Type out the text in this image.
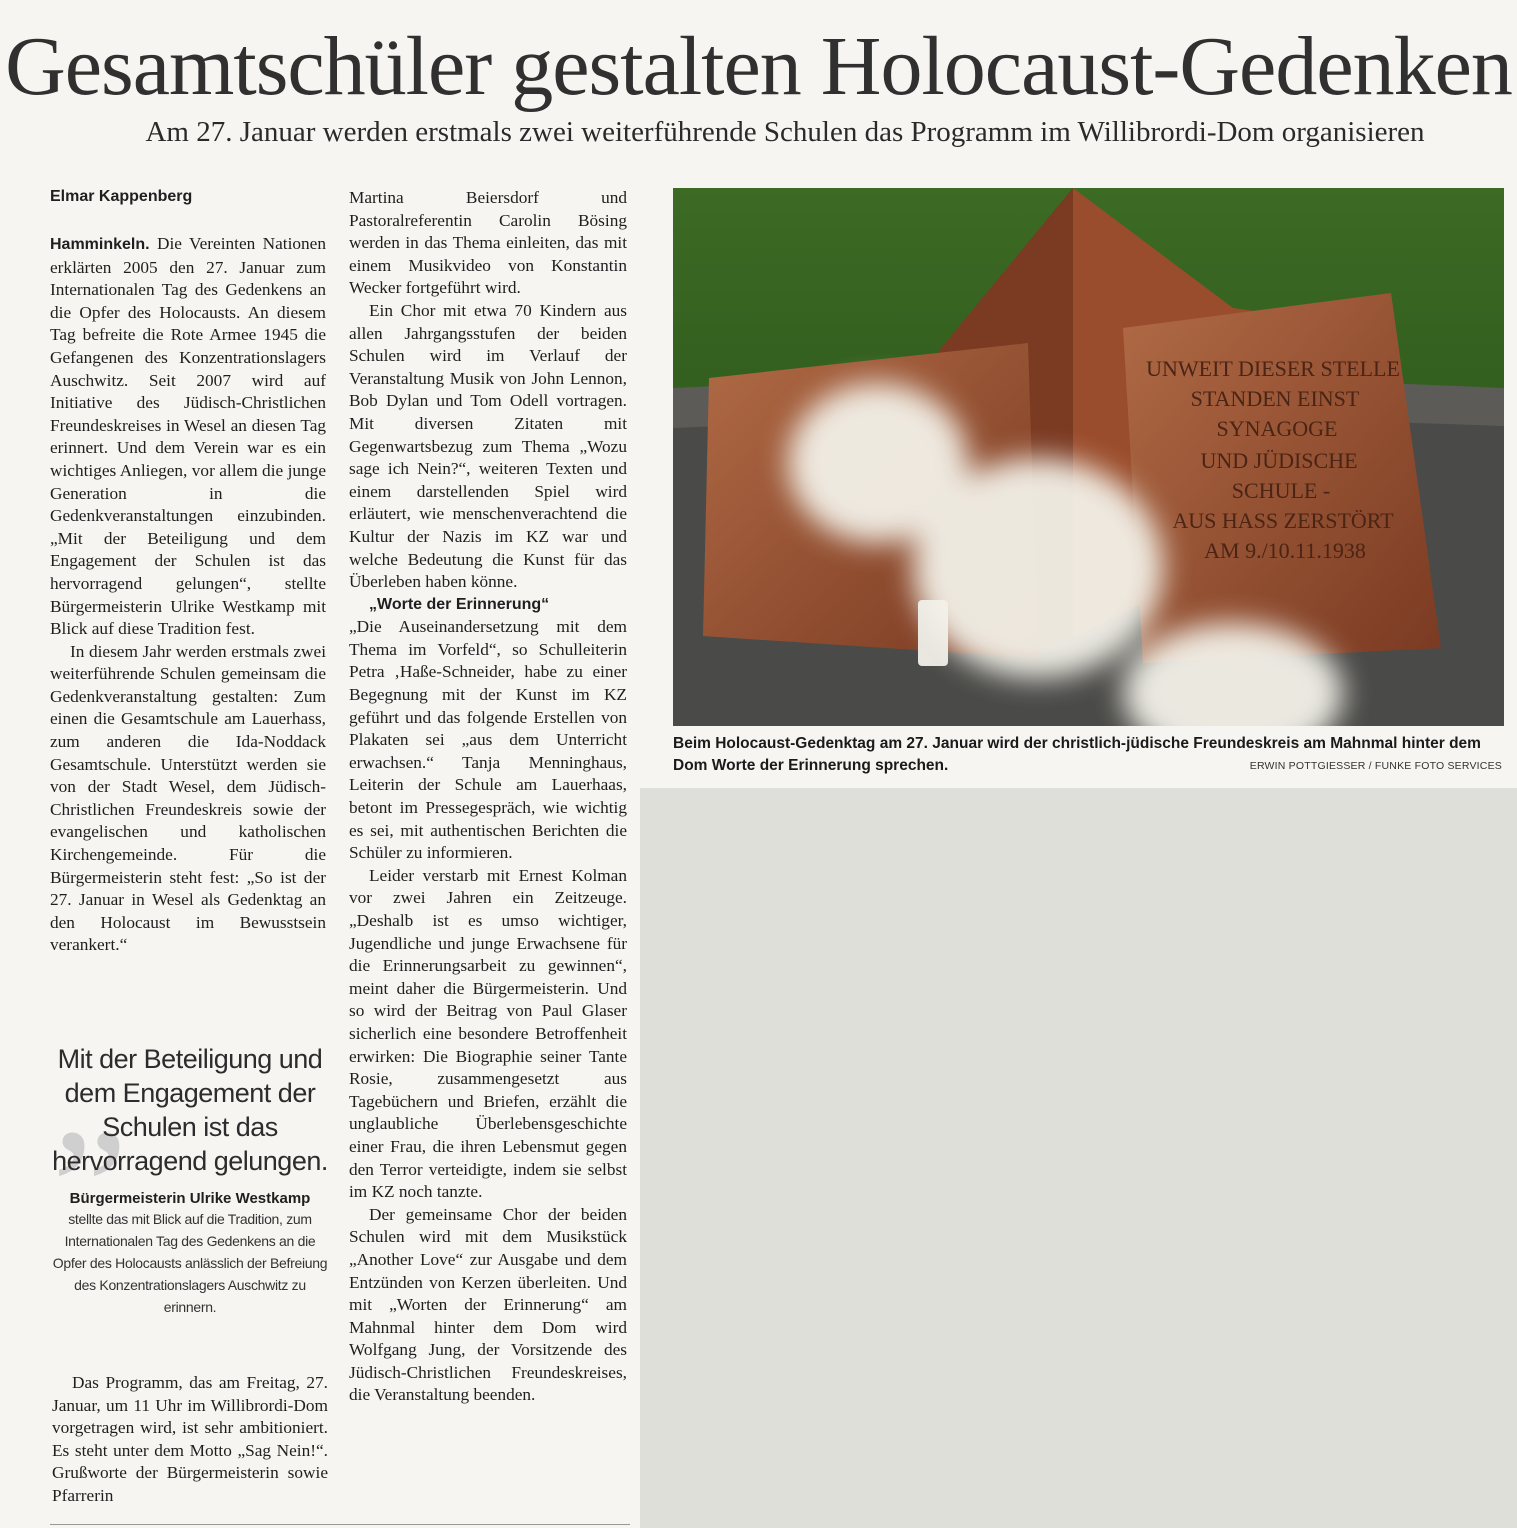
Gesamtschüler gestalten Holocaust-Gedenken
Am 27. Januar werden erstmals zwei weiterführende Schulen das Programm im Willibrordi-Dom organisieren
Elmar Kappenberg

Hamminkeln. Die Vereinten Nationen erklärten 2005 den 27. Januar zum Internationalen Tag des Gedenkens an die Opfer des Holocausts. An diesem Tag befreite die Rote Armee 1945 die Gefangenen des Konzentrationslagers Auschwitz. Seit 2007 wird auf Initiative des Jüdisch-Christlichen Freundeskreises in Wesel an diesen Tag erinnert. Und dem Verein war es ein wichtiges Anliegen, vor allem die junge Generation in die Gedenkveranstaltungen einzubinden. „Mit der Beteiligung und dem Engagement der Schulen ist das hervorragend gelungen“, stellte Bürgermeisterin Ulrike Westkamp mit Blick auf diese Tradition fest.

In diesem Jahr werden erstmals zwei weiterführende Schulen gemeinsam die Gedenkveranstaltung gestalten: Zum einen die Gesamtschule am Lauerhass, zum anderen die Ida-Noddack Gesamtschule. Unterstützt werden sie von der Stadt Wesel, dem Jüdisch-Christlichen Freundeskreis sowie der evangelischen und katholischen Kirchengemeinde. Für die Bürgermeisterin steht fest: „So ist der 27. Januar in Wesel als Gedenktag an den Holocaust im Bewusstsein verankert.“

„
Mit der Beteiligung und dem Engagement der Schulen ist das hervorragend gelungen.
Bürgermeisterin Ulrike Westkamp
stellte das mit Blick auf die Tradition, zum Internationalen Tag des Gedenkens an die Opfer des Holocausts anlässlich der Befreiung des Konzentrationslagers Auschwitz zu erinnern.

Das Programm, das am Freitag, 27. Januar, um 11 Uhr im Willibrordi-Dom vorgetragen wird, ist sehr ambitioniert. Es steht unter dem Motto „Sag Nein!“. Grußworte der Bürgermeisterin sowie Pfarrerin

Martina Beiersdorf und Pastoralreferentin Carolin Bösing werden in das Thema einleiten, das mit einem Musikvideo von Konstantin Wecker fortgeführt wird.

Ein Chor mit etwa 70 Kindern aus allen Jahrgangsstufen der beiden Schulen wird im Verlauf der Veranstaltung Musik von John Lennon, Bob Dylan und Tom Odell vortragen. Mit diversen Zitaten mit Gegenwartsbezug zum Thema „Wozu sage ich Nein?“, weiteren Texten und einem darstellenden Spiel wird erläutert, wie menschenverachtend die Kultur der Nazis im KZ war und welche Bedeutung die Kunst für das Überleben haben könne.

„Worte der Erinnerung“

„Die Auseinandersetzung mit dem Thema im Vorfeld“, so Schulleiterin Petra ‚Haße-Schneider, habe zu einer Begegnung mit der Kunst im KZ geführt und das folgende Erstellen von Plakaten sei „aus dem Unterricht erwachsen.“ Tanja Menninghaus, Leiterin der Schule am Lauerhaas, betont im Pressegespräch, wie wichtig es sei, mit authentischen Berichten die Schüler zu informieren.

Leider verstarb mit Ernest Kolman vor zwei Jahren ein Zeitzeuge. „Deshalb ist es umso wichtiger, Jugendliche und junge Erwachsene für die Erinnerungsarbeit zu gewinnen“, meint daher die Bürgermeisterin. Und so wird der Beitrag von Paul Glaser sicherlich eine besondere Betroffenheit erwirken: Die Biographie seiner Tante Rosie, zusammengesetzt aus Tagebüchern und Briefen, erzählt die unglaubliche Überlebensgeschichte einer Frau, die ihren Lebensmut gegen den Terror verteidigte, indem sie selbst im KZ noch tanzte.

Der gemeinsame Chor der beiden Schulen wird mit dem Musikstück „Another Love“ zur Ausgabe und dem Entzünden von Kerzen überleiten. Und mit „Worten der Erinnerung“ am Mahnmal hinter dem Dom wird Wolfgang Jung, der Vorsitzende des Jüdisch-Christlichen Freundeskreises, die Veranstaltung beenden.

UNWEIT DIESER STELLE
STANDEN EINST
SYNAGOGE
UND JÜDISCHE
SCHULE -
AUS HASS ZERSTÖRT
AM 9./10.11.1938
Beim Holocaust-Gedenktag am 27. Januar wird der christlich-jüdische Freundeskreis am Mahnmal hinter dem Dom Worte der Erinnerung sprechen.	ERWIN POTTGIESSER / FUNKE FOTO SERVICES
